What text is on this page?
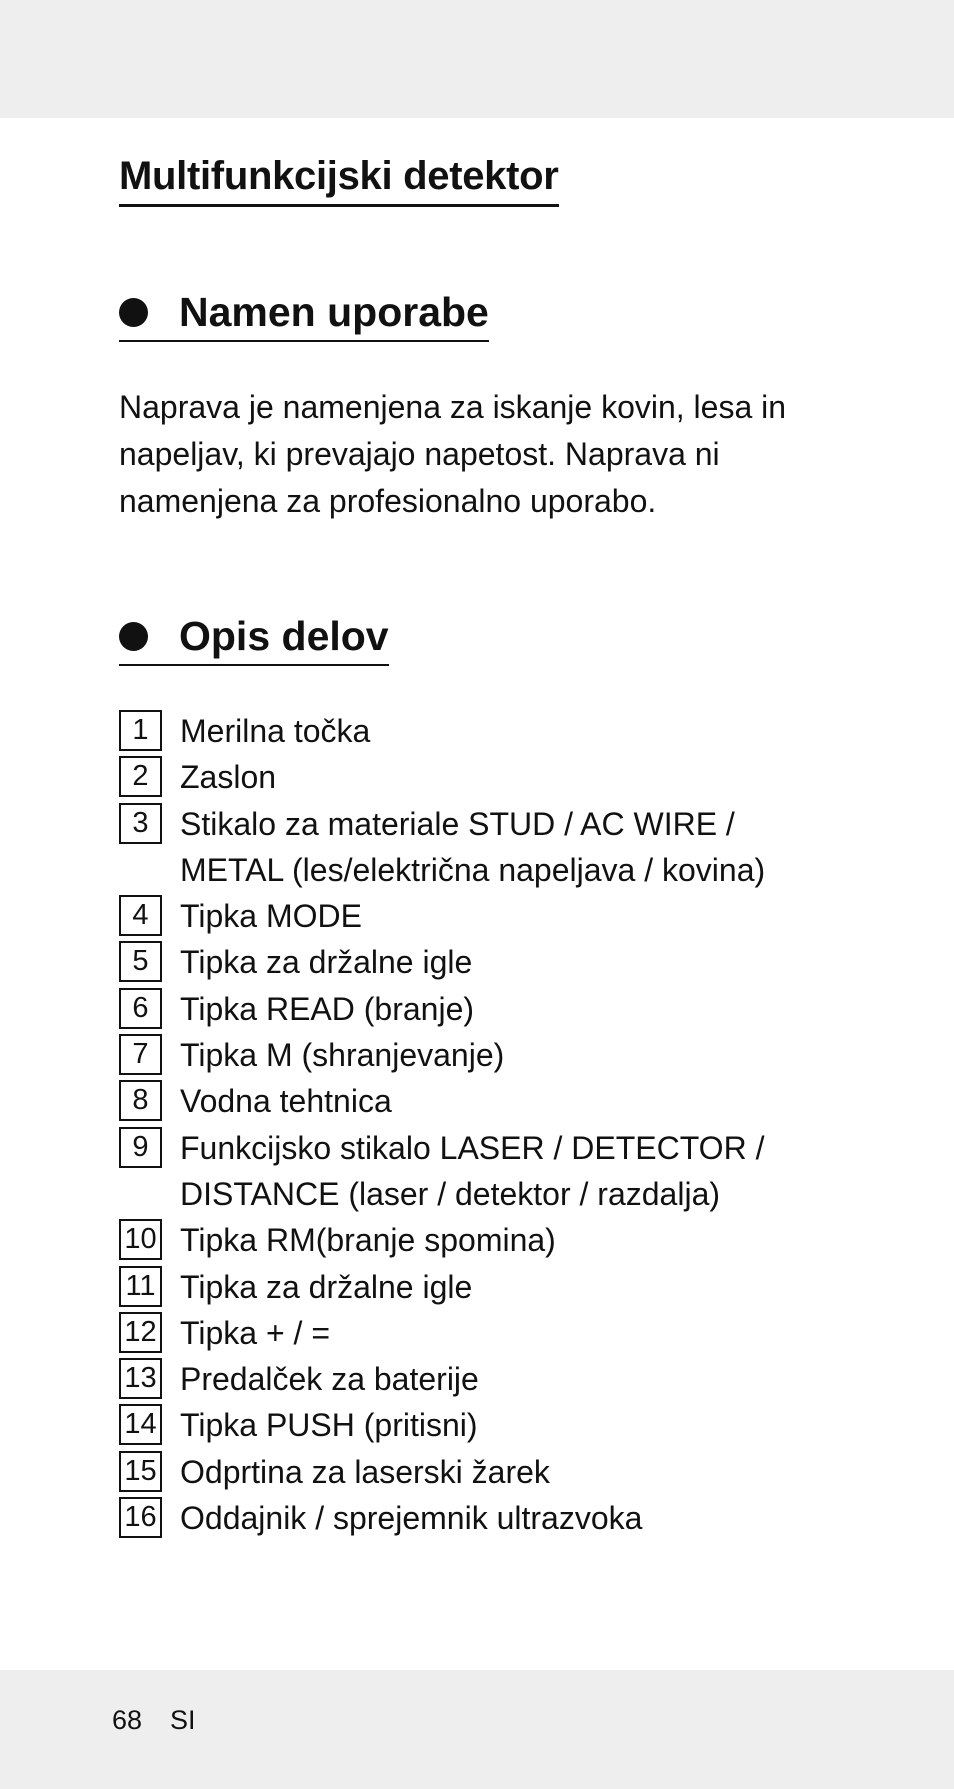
Multifunkcijski detektor
Namen uporabe

Naprava je namenjena za iskanje kovin, lesa in napeljav, ki prevajajo napetost. Naprava ni namenjena za profesionalno uporabo.

Opis delov
1 Merilna točka
2 Zaslon
3 Stikalo za materiale STUD / AC WIRE / METAL (les/električna napeljava / kovina)
4 Tipka MODE
5 Tipka za držalne igle
6 Tipka READ (branje)
7 Tipka M (shranjevanje)
8 Vodna tehtnica
9 Funkcijsko stikalo LASER / DETECTOR / DISTANCE (laser / detektor / razdalja)
10 Tipka RM(branje spomina)
11 Tipka za držalne igle
12 Tipka + / =
13 Predalček za baterije
14 Tipka PUSH (pritisni)
15 Odprtina za laserski žarek
16 Oddajnik / sprejemnik ultrazvoka
68 SI
